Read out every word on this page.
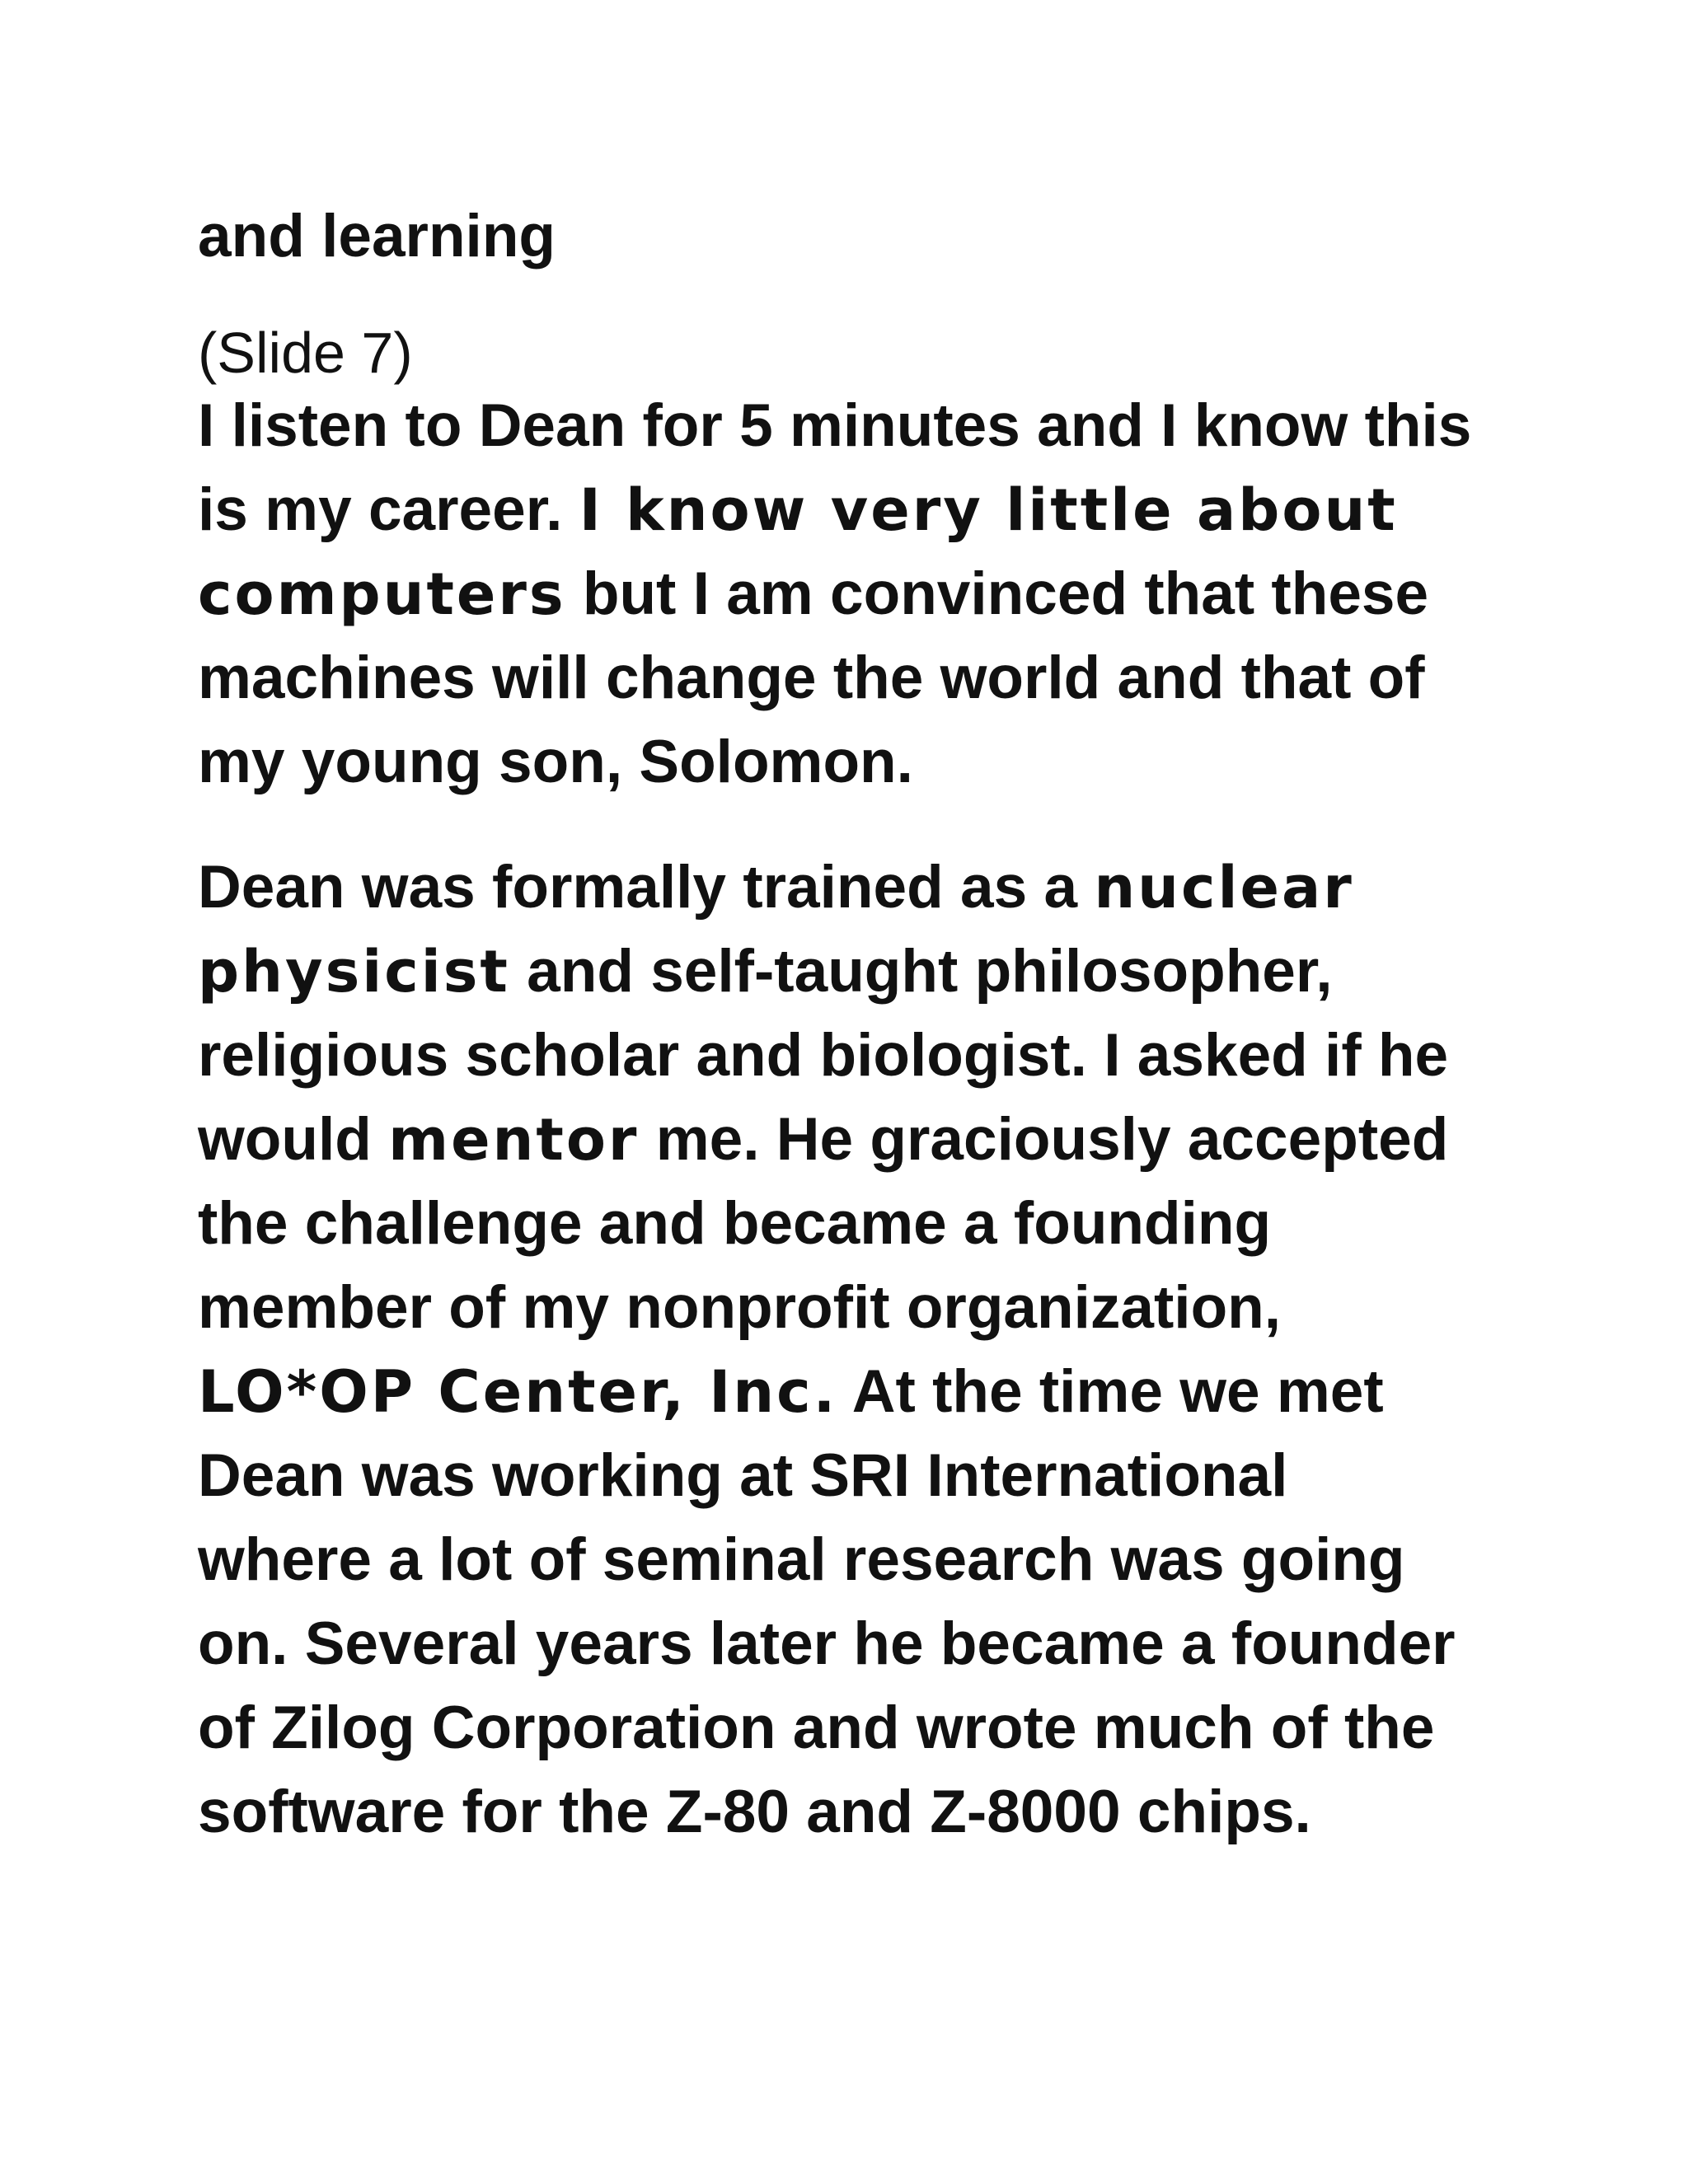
and learning
(Slide 7)
I listen to Dean for 5 minutes and I know this
is my career. I know very little about
computers but I am convinced that these
machines will change the world and that of
my young son, Solomon.
Dean was formally trained as a nuclear
physicist and self-taught philosopher,
religious scholar and biologist. I asked if he
would mentor me. He graciously accepted
the challenge and became a founding
member of my nonprofit organization,
LO*OP Center, Inc. At the time we met
Dean was working at SRI International
where a lot of seminal research was going
on. Several years later he became a founder
of Zilog Corporation and wrote much of the
software for the Z-80 and Z-8000 chips.
